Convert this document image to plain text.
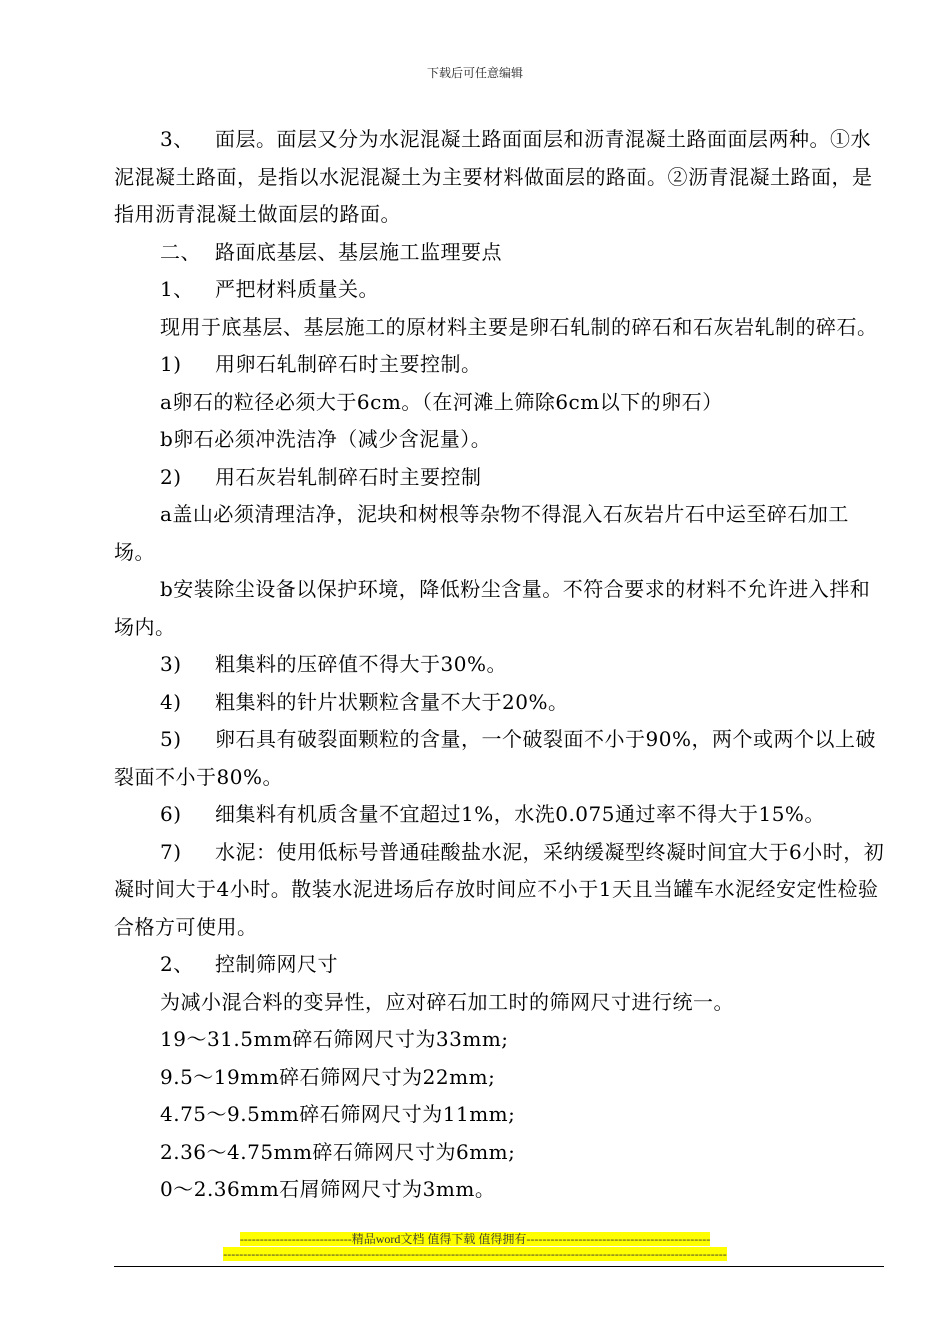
下载后可任意编辑

3、 面层。面层又分为水泥混凝土路面面层和沥青混凝土路面面层两种。①水泥混凝土路面，是指以水泥混凝土为主要材料做面层的路面。②沥青混凝土路面，是指用沥青混凝土做面层的路面。

二、 路面底基层、基层施工监理要点

1、 严把材料质量关。

现用于底基层、基层施工的原材料主要是卵石轧制的碎石和石灰岩轧制的碎石。

1) 用卵石轧制碎石时主要控制。

a卵石的粒径必须大于6cm。（在河滩上筛除6cm以下的卵石）

b卵石必须冲洗洁净（减少含泥量）。

2) 用石灰岩轧制碎石时主要控制

a盖山必须清理洁净，泥块和树根等杂物不得混入石灰岩片石中运至碎石加工场。

b安装除尘设备以保护环境，降低粉尘含量。不符合要求的材料不允许进入拌和场内。

3) 粗集料的压碎值不得大于30%。

4) 粗集料的针片状颗粒含量不大于20%。

5) 卵石具有破裂面颗粒的含量，一个破裂面不小于90%，两个或两个以上破裂面不小于80%。

6) 细集料有机质含量不宜超过1%，水洗0.075通过率不得大于15%。

7) 水泥：使用低标号普通硅酸盐水泥，采纳缓凝型终凝时间宜大于6小时，初凝时间大于4小时。散装水泥进场后存放时间应不小于1天且当罐车水泥经安定性检验合格方可使用。

2、 控制筛网尺寸

为减小混合料的变异性，应对碎石加工时的筛网尺寸进行统一。

19～31.5mm碎石筛网尺寸为33mm;

9.5～19mm碎石筛网尺寸为22mm;

4.75～9.5mm碎石筛网尺寸为11mm;

2.36～4.75mm碎石筛网尺寸为6mm;

0～2.36mm石屑筛网尺寸为3mm。

----------------------------精品word文档 值得下载 值得拥有----------------------------------------------
------------------------------------------------------------------------------------------------------------------------------
